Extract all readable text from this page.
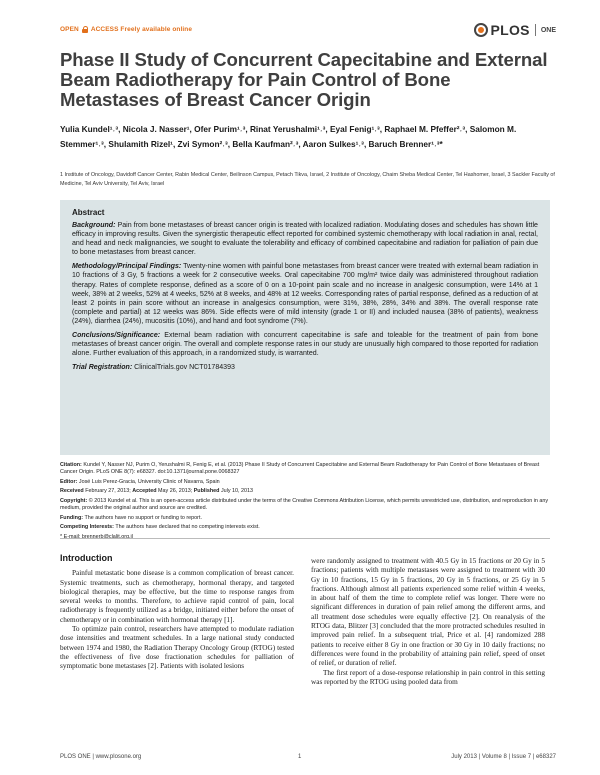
OPEN ACCESS Freely available online	PLOS ONE
Phase II Study of Concurrent Capecitabine and External Beam Radiotherapy for Pain Control of Bone Metastases of Breast Cancer Origin
Yulia Kundel¹˒³, Nicola J. Nasser¹, Ofer Purim¹˒³, Rinat Yerushalmi¹˒³, Eyal Fenig¹˒³, Raphael M. Pfeffer²˒³, Salomon M. Stemmer¹˒³, Shulamith Rizel¹, Zvi Symon²˒³, Bella Kaufman²˒³, Aaron Sulkes¹˒³, Baruch Brenner¹˒³*
1 Institute of Oncology, Davidoff Cancer Center, Rabin Medical Center, Beilinson Campus, Petach Tikva, Israel, 2 Institute of Oncology, Chaim Sheba Medical Center, Tel Hashomer, Israel, 3 Sackler Faculty of Medicine, Tel Aviv University, Tel Aviv, Israel
Abstract

Background: Pain from bone metastases of breast cancer origin is treated with localized radiation. Modulating doses and schedules has shown little efficacy in improving results. Given the synergistic therapeutic effect reported for combined systemic chemotherapy with local radiation in anal, rectal, and head and neck malignancies, we sought to evaluate the tolerability and efficacy of combined capecitabine and radiation for palliation of pain due to bone metastases from breast cancer.

Methodology/Principal Findings: Twenty-nine women with painful bone metastases from breast cancer were treated with external beam radiation in 10 fractions of 3 Gy, 5 fractions a week for 2 consecutive weeks. Oral capecitabine 700 mg/m² twice daily was administered throughout radiation therapy. Rates of complete response, defined as a score of 0 on a 10-point pain scale and no increase in analgesic consumption, were 14% at 1 week, 38% at 2 weeks, 52% at 4 weeks, 52% at 8 weeks, and 48% at 12 weeks. Corresponding rates of partial response, defined as a reduction of at least 2 points in pain score without an increase in analgesics consumption, were 31%, 38%, 28%, 34% and 38%. The overall response rate (complete and partial) at 12 weeks was 86%. Side effects were of mild intensity (grade 1 or II) and included nausea (38% of patients), weakness (24%), diarrhea (24%), mucositis (10%), and hand and foot syndrome (7%).

Conclusions/Significance: External beam radiation with concurrent capecitabine is safe and toleable for the treatment of pain from bone metastases of breast cancer origin. The overall and complete response rates in our study are unusually high compared to those reported for radiation alone. Further evaluation of this approach, in a randomized study, is warranted.

Trial Registration: ClinicalTrials.gov NCT01784393

Citation: Kundel Y, Nasser NJ, Purim O, Yerushalmi R, Fenig E, et al. (2013) Phase II Study of Concurrent Capecitabine and External Beam Radiotherapy for Pain Control of Bone Metastases of Breast Cancer Origin. PLoS ONE 8(7): e68327. doi:10.1371/journal.pone.0068327

Editor: José Luis Perez-Gracia, University Clinic of Navarra, Spain

Received February 27, 2013; Accepted May 26, 2013; Published July 10, 2013

Copyright: © 2013 Kundel et al. This is an open-access article distributed under the terms of the Creative Commons Attribution License, which permits unrestricted use, distribution, and reproduction in any medium, provided the original author and source are credited.

Funding: The authors have no support or funding to report.

Competing Interests: The authors have declared that no competing interests exist.

* E-mail: brennerb@clalit.org.il

Introduction

Painful metastatic bone disease is a common complication of breast cancer. Systemic treatments, such as chemotherapy, hormonal therapy, and targeted biological therapies, may be effective, but the time to response ranges from several weeks to months. Therefore, to achieve rapid control of pain, local radiotherapy is frequently utilized as a bridge, initiated either before the onset of chemotherapy or in combination with hormonal therapy [1].

To optimize pain control, researchers have attempted to modulate radiation dose intensities and treatment schedules. In a large national study conducted between 1974 and 1980, the Radiation Therapy Oncology Group (RTOG) tested the effectiveness of five dose fractionation schedules for palliation of symptomatic bone metastases [2]. Patients with isolated lesions

were randomly assigned to treatment with 40.5 Gy in 15 fractions or 20 Gy in 5 fractions; patients with multiple metastases were assigned to treatment with 30 Gy in 10 fractions, 15 Gy in 5 fractions, 20 Gy in 5 fractions, or 25 Gy in 5 fractions. Although almost all patients experienced some relief within 4 weeks, in about half of them the time to complete relief was longer. There were no significant differences in duration of pain relief among the different arms, and all treatment dose schedules were equally effective [2]. On reanalysis of the RTOG data, Blitzer [3] concluded that the more protracted schedules resulted in improved pain relief. In a subsequent trial, Price et al. [4] randomized 288 patients to receive either 8 Gy in one fraction or 30 Gy in 10 daily fractions; no differences were found in the probability of attaining pain relief, speed of onset of relief, or duration of relief.

The first report of a dose-response relationship in pain control in this setting was reported by the RTOG using pooled data from

PLOS ONE | www.plosone.org	1	July 2013 | Volume 8 | Issue 7 | e68327
